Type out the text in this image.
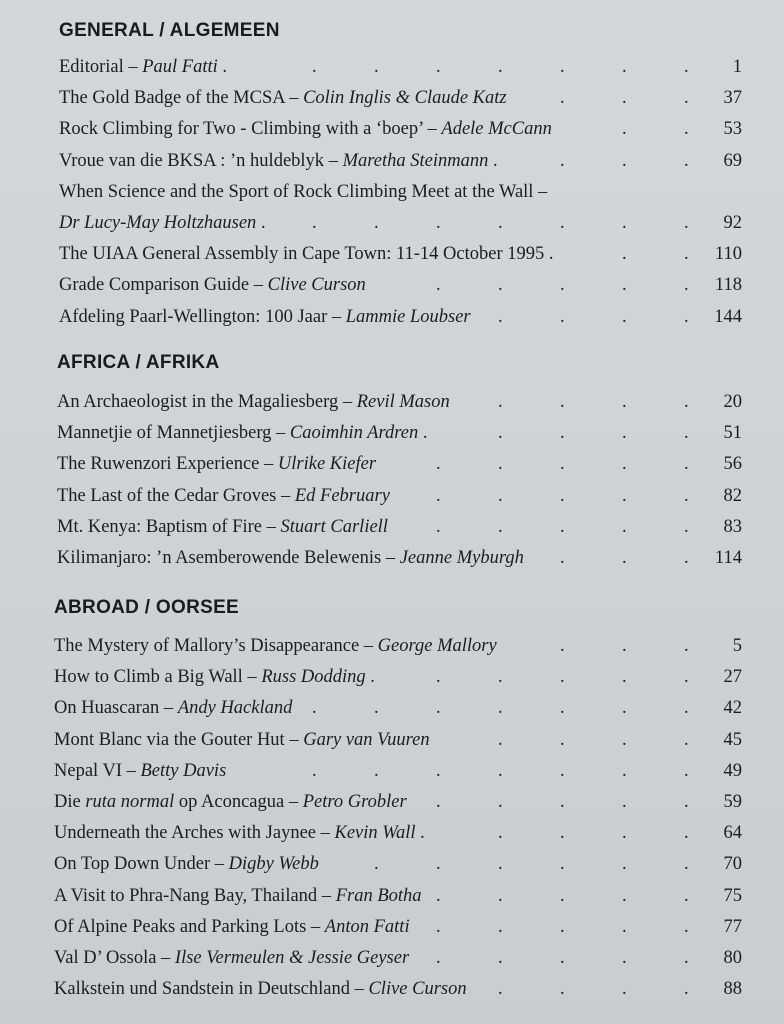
GENERAL / ALGEMEEN
Editorial – Paul Fatti .	.	.	.	.	.	.	. 1
The Gold Badge of the MCSA – Colin Inglis & Claude Katz	.	.	. 37
Rock Climbing for Two - Climbing with a ‘boep’ – Adele McCann	.	. 53
Vroue van die BKSA : ’n huldeblyk – Maretha Steinmann .	.	.	. 69
When Science and the Sport of Rock Climbing Meet at the Wall –
Dr Lucy-May Holtzhausen .	.	.	.	.	.	.	. 92
The UIAA General Assembly in Cape Town: 11-14 October 1995 .	.	. 110
Grade Comparison Guide – Clive Curson	.	.	.	.	. 118
Afdeling Paarl-Wellington: 100 Jaar – Lammie Loubser .	.	.	. 144
AFRICA / AFRIKA
An Archaeologist in the Magaliesberg – Revil Mason	.	.	.	. 20
Mannetjie of Mannetjiesberg – Caoimhin Ardren .	.	.	.	. 51
The Ruwenzori Experience – Ulrike Kiefer	.	.	.	.	. 56
The Last of the Cedar Groves – Ed February .	.	.	.	. 82
Mt. Kenya: Baptism of Fire – Stuart Carliell	.	.	.	.	. 83
Kilimanjaro: ’n Asemberowende Belewenis – Jeanne Myburgh .	.	. 114
ABROAD / OORSEE
The Mystery of Mallory’s Disappearance – George Mallory	.	.	. 5
How to Climb a Big Wall – Russ Dodding .	.	.	.	.	. 27
On Huascaran – Andy Hackland .	.	.	.	.	.	. 42
Mont Blanc via the Gouter Hut – Gary van Vuuren	.	.	.	. 45
Nepal VI – Betty Davis	.	.	.	.	.	.	. 49
Die ruta normal op Aconcagua – Petro Grobler .	.	.	.	. 59
Underneath the Arches with Jaynee – Kevin Wall .	.	.	.	. 64
On Top Down Under – Digby Webb	.	.	.	.	.	. 70
A Visit to Phra-Nang Bay, Thailand – Fran Botha .	.	.	.	. 75
Of Alpine Peaks and Parking Lots – Anton Fatti .	.	.	.	. 77
Val D’ Ossola – Ilse Vermeulen & Jessie Geyser .	.	.	.	. 80
Kalkstein und Sandstein in Deutschland – Clive Curson .	.	.	. 88
